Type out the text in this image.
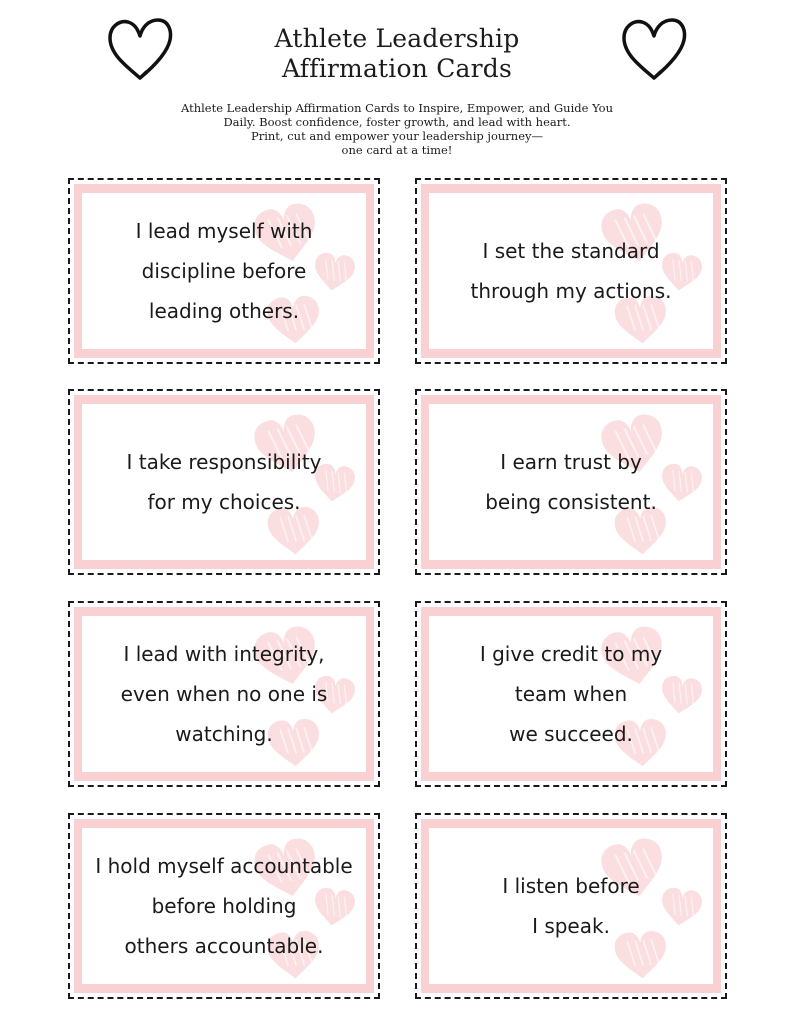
Athlete Leadership
Affirmation Cards
Athlete Leadership Affirmation Cards to Inspire, Empower, and Guide You
Daily. Boost confidence, foster growth, and lead with heart.
Print, cut and empower your leadership journey—
one card at a time!
I lead myself with
discipline before
leading others.
I set the standard
through my actions.
I take responsibility
for my choices.
I earn trust by
being consistent.
I lead with integrity,
even when no one is
watching.
I give credit to my
team when
we succeed.
I hold myself accountable
before holding
others accountable.
I listen before
I speak.
